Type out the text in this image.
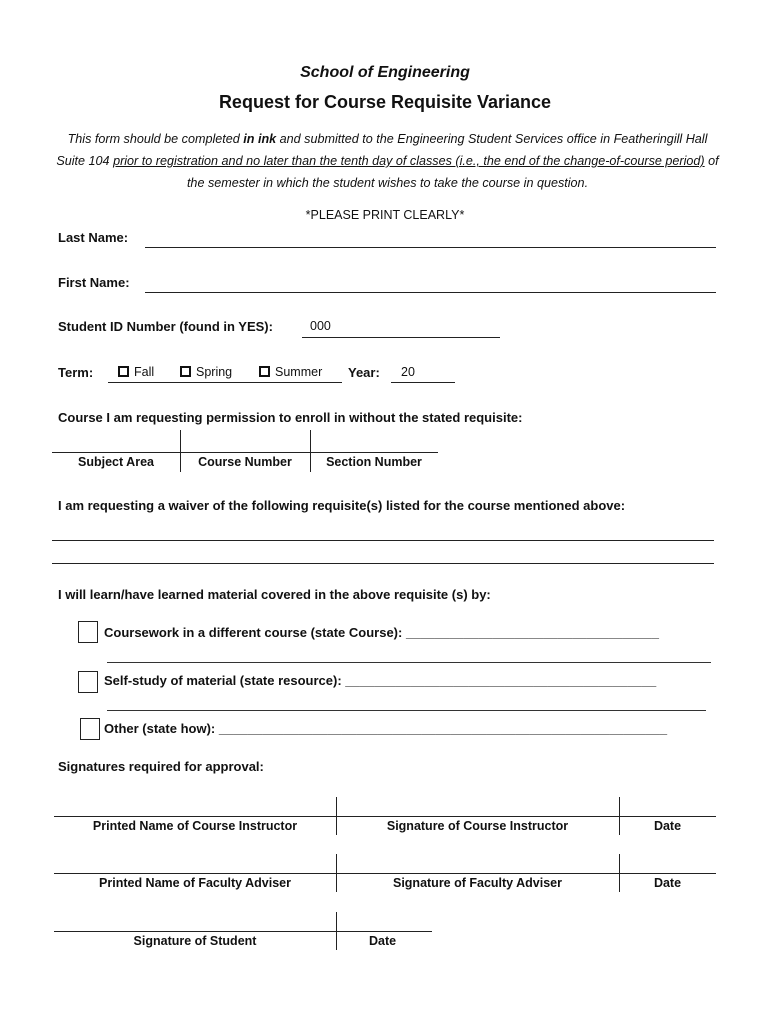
School of Engineering
Request for Course Requisite Variance
This form should be completed in ink and submitted to the Engineering Student Services office in Featheringill Hall Suite 104 prior to registration and no later than the tenth day of classes (i.e., the end of the change-of-course period) of the semester in which the student wishes to take the course in question.
*PLEASE PRINT CLEARLY*
Last Name:
First Name:
Student ID Number (found in YES):	000
Term:	Fall	Spring	Summer Year: 20
Course I am requesting permission to enroll in without the stated requisite:
Subject Area	Course Number	Section Number
I am requesting a waiver of the following requisite(s) listed for the course mentioned above:
I will learn/have learned material covered in the above requisite (s) by:
Coursework in a different course (state Course): ___________________________________
Self-study of material (state resource): ___________________________________________
Other (state how): ______________________________________________________________
Signatures required for approval:
Printed Name of Course Instructor	Signature of Course Instructor	Date
Printed Name of Faculty Adviser	Signature of Faculty Adviser	Date
Signature of Student	Date
